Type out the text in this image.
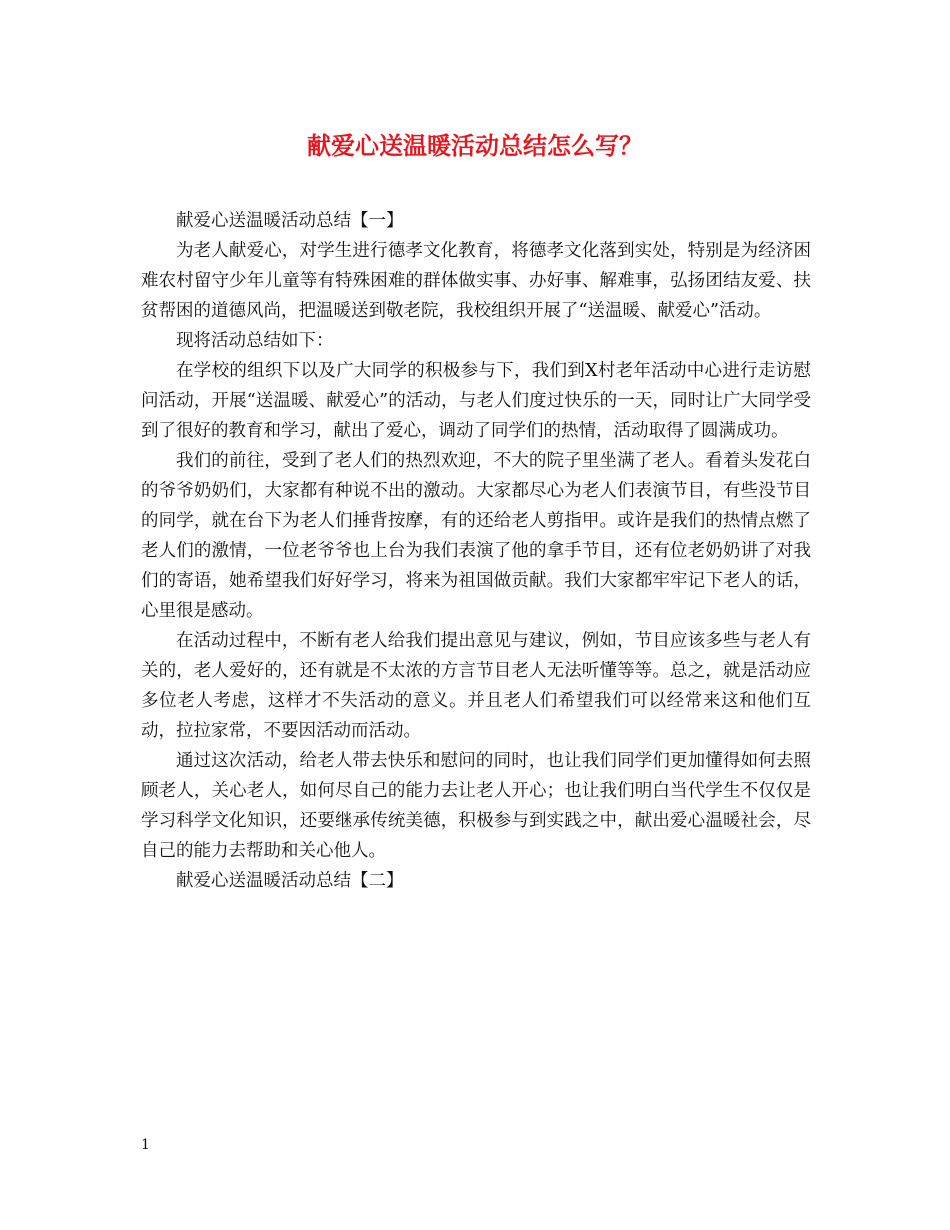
献爱心送温暖活动总结怎么写？

献爱心送温暖活动总结【一】

为老人献爱心，对学生进行德孝文化教育，将德孝文化落到实处，特别是为经济困难农村留守少年儿童等有特殊困难的群体做实事、办好事、解难事，弘扬团结友爱、扶贫帮困的道德风尚，把温暖送到敬老院，我校组织开展了“送温暖、献爱心”活动。

现将活动总结如下：

在学校的组织下以及广大同学的积极参与下，我们到X村老年活动中心进行走访慰问活动，开展“送温暖、献爱心”的活动，与老人们度过快乐的一天，同时让广大同学受到了很好的教育和学习，献出了爱心，调动了同学们的热情，活动取得了圆满成功。

我们的前往，受到了老人们的热烈欢迎，不大的院子里坐满了老人。看着头发花白的爷爷奶奶们，大家都有种说不出的激动。大家都尽心为老人们表演节目，有些没节目的同学，就在台下为老人们捶背按摩，有的还给老人剪指甲。或许是我们的热情点燃了老人们的激情，一位老爷爷也上台为我们表演了他的拿手节目，还有位老奶奶讲了对我们的寄语，她希望我们好好学习，将来为祖国做贡献。我们大家都牢牢记下老人的话，心里很是感动。

在活动过程中，不断有老人给我们提出意见与建议，例如，节目应该多些与老人有关的，老人爱好的，还有就是不太浓的方言节目老人无法听懂等等。总之，就是活动应多位老人考虑，这样才不失活动的意义。并且老人们希望我们可以经常来这和他们互动，拉拉家常，不要因活动而活动。

通过这次活动，给老人带去快乐和慰问的同时，也让我们同学们更加懂得如何去照顾老人，关心老人，如何尽自己的能力去让老人开心；也让我们明白当代学生不仅仅是学习科学文化知识，还要继承传统美德，积极参与到实践之中，献出爱心温暖社会，尽自己的能力去帮助和关心他人。

献爱心送温暖活动总结【二】

1
